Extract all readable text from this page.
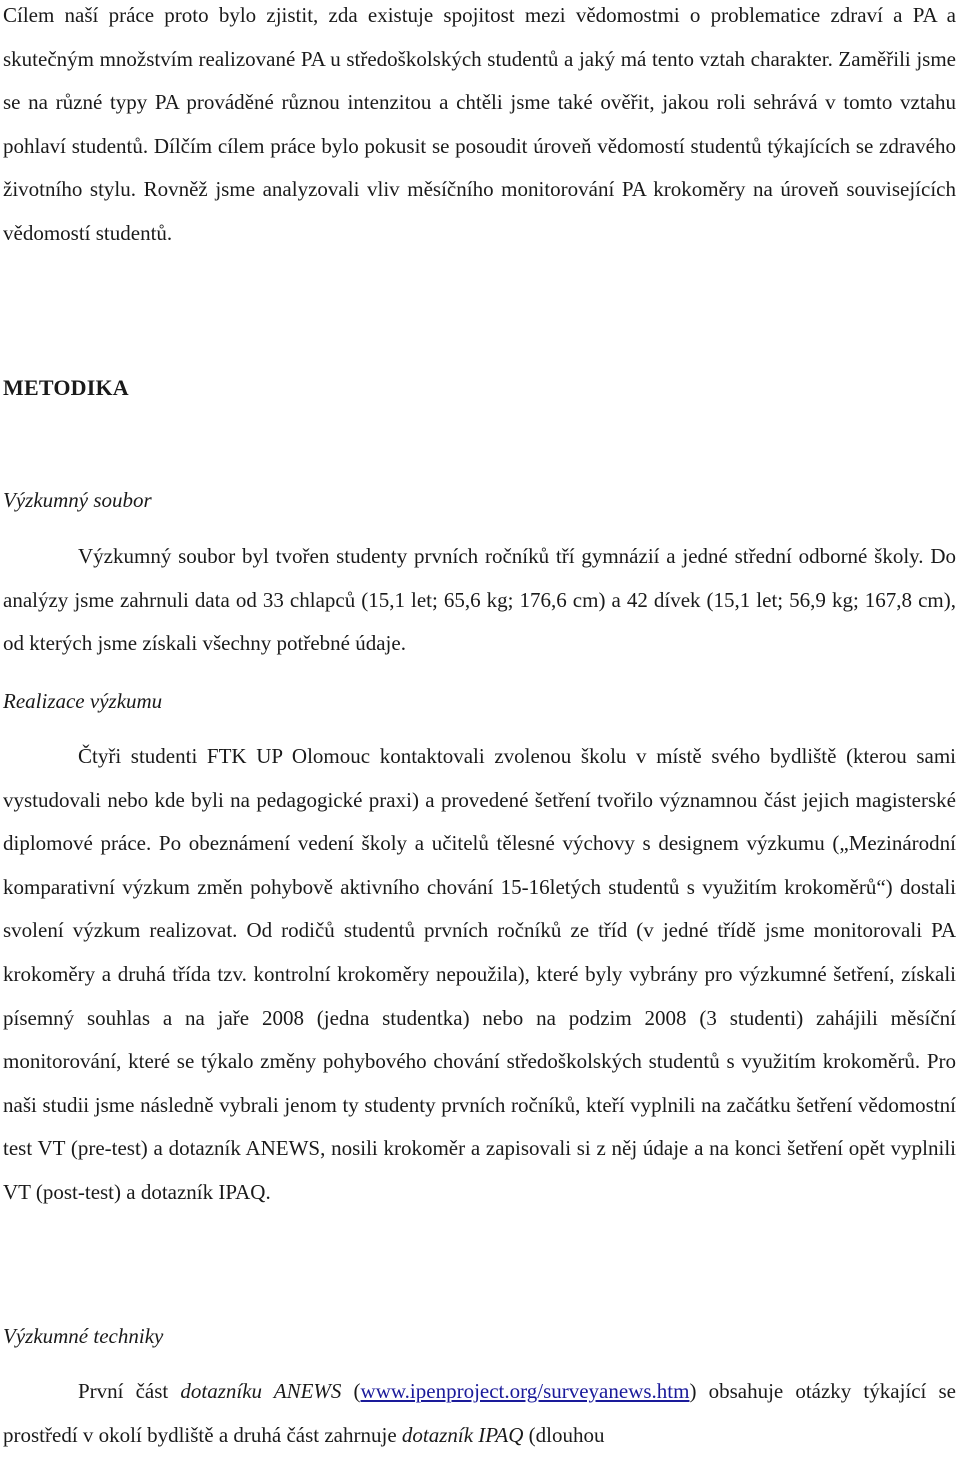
Cílem naší práce proto bylo zjistit, zda existuje spojitost mezi vědomostmi o problematice zdraví a PA a skutečným množstvím realizované PA u středoškolských studentů a jaký má tento vztah charakter. Zaměřili jsme se na různé typy PA prováděné různou intenzitou a chtěli jsme také ověřit, jakou roli sehrává v tomto vztahu pohlaví studentů. Dílčím cílem práce bylo pokusit se posoudit úroveň vědomostí studentů týkajících se zdravého životního stylu. Rovněž jsme analyzovali vliv měsíčního monitorování PA krokoměry na úroveň souvisejících vědomostí studentů.

METODIKA
Výzkumný soubor

Výzkumný soubor byl tvořen studenty prvních ročníků tří gymnázií a jedné střední odborné školy. Do analýzy jsme zahrnuli data od 33 chlapců (15,1 let; 65,6 kg; 176,6 cm) a 42 dívek (15,1 let; 56,9 kg; 167,8 cm), od kterých jsme získali všechny potřebné údaje.

Realizace výzkumu

Čtyři studenti FTK UP Olomouc kontaktovali zvolenou školu v místě svého bydliště (kterou sami vystudovali nebo kde byli na pedagogické praxi) a provedené šetření tvořilo významnou část jejich magisterské diplomové práce. Po obeznámení vedení školy a učitelů tělesné výchovy s designem výzkumu („Mezinárodní komparativní výzkum změn pohybově aktivního chování 15-16letých studentů s využitím krokoměrů“) dostali svolení výzkum realizovat. Od rodičů studentů prvních ročníků ze tříd (v jedné třídě jsme monitorovali PA krokoměry a druhá třída tzv. kontrolní krokoměry nepoužila), které byly vybrány pro výzkumné šetření, získali písemný souhlas a na jaře 2008 (jedna studentka) nebo na podzim 2008 (3 studenti) zahájili měsíční monitorování, které se týkalo změny pohybového chování středoškolských studentů s využitím krokoměrů. Pro naši studii jsme následně vybrali jenom ty studenty prvních ročníků, kteří vyplnili na začátku šetření vědomostní test VT (pre-test) a dotazník ANEWS, nosili krokoměr a zapisovali si z něj údaje a na konci šetření opět vyplnili VT (post-test) a dotazník IPAQ.

Výzkumné techniky

První část dotazníku ANEWS (www.ipenproject.org/surveyanews.htm) obsahuje otázky týkající se prostředí v okolí bydliště a druhá část zahrnuje dotazník IPAQ (dlouhou
